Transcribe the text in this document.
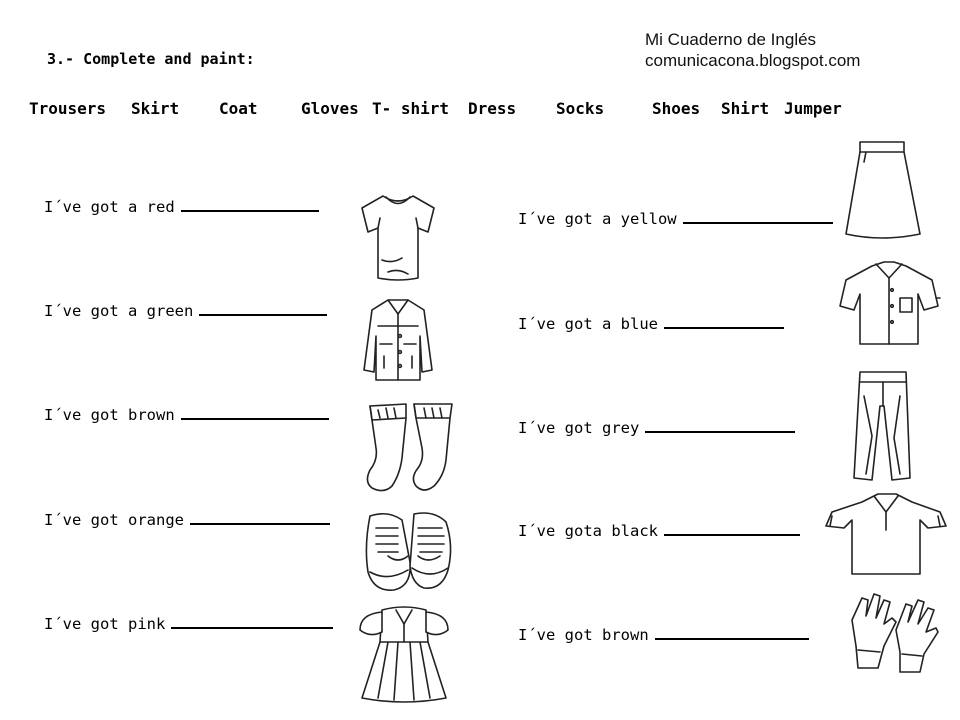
Mi Cuaderno de Inglés
comunicacona.blogspot.com
3.- Complete and paint:
Trousers Skirt Coat	Gloves T- shirt Dress Socks	Shoes Shirt Jumper
I´ve got a red
I´ve got a green
I´ve got brown
I´ve got orange
I´ve got pink
I´ve got a yellow
I´ve got a blue
I´ve got grey
I´ve gota black
I´ve got brown
